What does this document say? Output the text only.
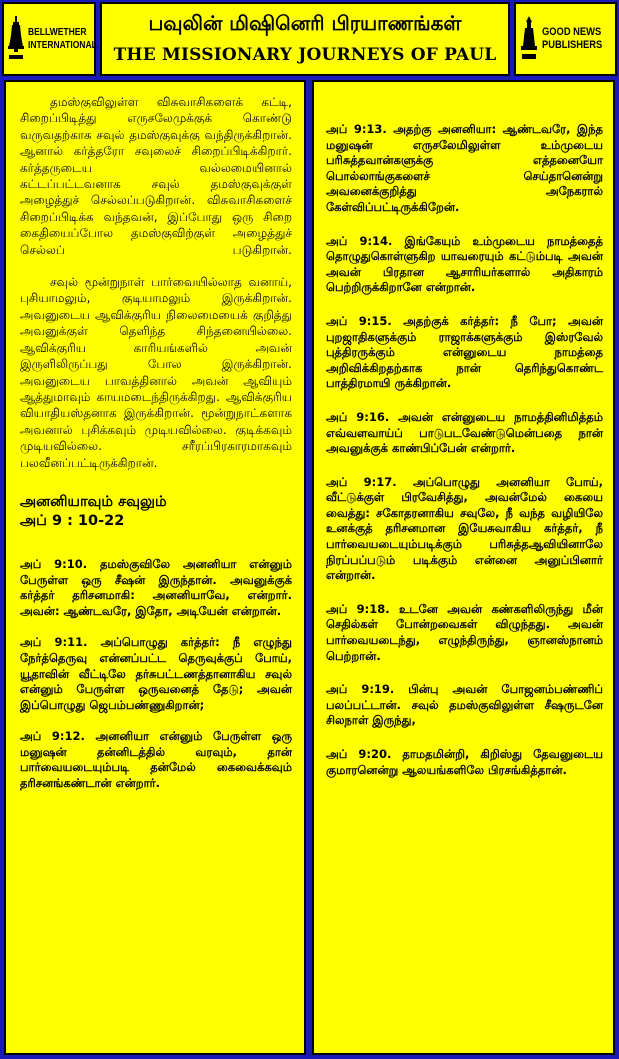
BELLWETHER
INTERNATIONAL
பவுலின் மிஷினெரி பிரயாணங்கள்
THE MISSIONARY JOURNEYS OF PAUL
GOOD NEWS
PUBLISHERS

தமஸ்குவிலுள்ள விசுவாசிகளைக் கட்டி, சிறைப்பிடித்து எருசலேமுக்குக் கொண்டு வருவதற்காக சவுல் தமஸ்குவுக்கு வந்திருக்கிறான். ஆனால் கர்த்தரோ சவுலைச் சிறைப்பிடிக்கிறார். கர்த்தருடைய வல்லமையினால் கட்டப்பட்டவனாக சவுல் தமஸ்குவுக்குள் அழைத்துச் செல்லப்படுகிறான். விசுவாசிகளைச் சிறைப்பிடிக்க வந்தவன், இப்போது ஒரு சிறை கைதியைப்போல தமஸ்குவிற்குள் அழைத்துச் செல்லப் படுகிறான்.

சவுல் மூன்றுநாள் பார்வையில்லாத வனாய், புசியாமலும், குடியாமலும் இருக்கிறான். அவனுடைய ஆவிக்குரிய நிலைமையைக் குறித்து அவனுக்குள் தெளிந்த சிந்தனையில்லை. ஆவிக்குரிய காரியங்களில் அவன் இருளிலிருப்பது போல இருக்கிறான். அவனுடைய பாவத்தினால் அவன் ஆவியும் ஆத்துமாவும் காயமடைந்திருக்கிறது. ஆவிக்குரிய வியாதியஸ்தனாக இருக்கிறான். மூன்றுநாட்களாக அவனால் புசிக்கவும் முடியவில்லை. குடிக்கவும் முடியவில்லை. சரீரப்பிரகாரமாகவும் பலவீனப்பட்டிருக்கிறான்.

அனனியாவும் சவுலும்
அப் 9 : 10-22

அப் 9:10. தமஸ்குவிலே அனனியா என்னும் பேருள்ள ஒரு சீஷன் இருந்தான். அவனுக்குக் கர்த்தர் தரிசனமாகி: அனனியாவே, என்றார். அவன்: ஆண்டவரே, இதோ, அடியேன் என்றான்.

அப் 9:11. அப்பொழுது கர்த்தர்: நீ எழுந்து நேர்த்தெருவு என்னப்பட்ட தெருவுக்குப் போய், யூதாவின் வீட்டிலே தர்சுபட்டணத்தானாகிய சவுல் என்னும் பேருள்ள ஒருவனைத் தேடு; அவன் இப்பொழுது ஜெபம்பண்ணுகிறான்;

அப் 9:12. அனனியா என்னும் பேருள்ள ஒரு மனுஷன் தன்னிடத்தில் வரவும், தான் பார்வையடையும்படி தன்மேல் கைவைக்கவும் தரிசனங்கண்டான் என்றார்.

அப் 9:13. அதற்கு அனனியா: ஆண்டவரே, இந்த மனுஷன் எருசலேமிலுள்ள உம்முடைய பரிசுத்தவான்களுக்கு எத்தனையோ பொல்லாங்குகளைச் செய்தானென்று அவனைக்குறித்து அநேகரால் கேள்விப்பட்டிருக்கிறேன்.

அப் 9:14. இங்கேயும் உம்முடைய நாமத்தைத் தொழுதுகொள்ளுகிற யாவரையும் கட்டும்படி அவன் அவன் பிரதான ஆசாரியர்களால் அதிகாரம் பெற்றிருக்கிறானே என்றான்.

அப் 9:15. அதற்குக் கர்த்தர்: நீ போ; அவன் புறஜாதிகளுக்கும் ராஜாக்களுக்கும் இஸ்ரவேல் புத்திரருக்கும் என்னுடைய நாமத்தை அறிவிக்கிறதற்காக நான் தெரிந்துகொண்ட பாத்திரமாயி ருக்கிறான்.

அப் 9:16. அவன் என்னுடைய நாமத்தினிமித்தம் எவ்வளவாய்ப் பாடுபடவேண்டுமென்பதை நான் அவனுக்குக் காண்பிப்பேன் என்றார்.

அப் 9:17. அப்பொழுது அனனியா போய், வீட்டுக்குள் பிரவேசித்து, அவன்மேல் கையை வைத்து: சகோதரனாகிய சவுலே, நீ வந்த வழியிலே உனக்குத் தரிசனமான இயேசுவாகிய கர்த்தர், நீ பார்வையடையும்படிக்கும் பரிசுத்தஆவியினாலே நிரப்பப்படும் படிக்கும் என்னை அனுப்பினார் என்றான்.

அப் 9:18. உடனே அவன் கண்களிலிருந்து மீன் செதில்கள் போன்றவைகள் விழுந்தது. அவன் பார்வையடைந்து, எழுந்திருந்து, ஞானஸ்நானம் பெற்றான்.

அப் 9:19. பின்பு அவன் போஜனம்பண்ணிப் பலப்பட்டான். சவுல் தமஸ்குவிலுள்ள சீஷருடனே சிலநாள் இருந்து,

அப் 9:20. தாமதமின்றி, கிறிஸ்து தேவனுடைய குமாரனென்று ஆலயங்களிலே பிரசங்கித்தான்.
